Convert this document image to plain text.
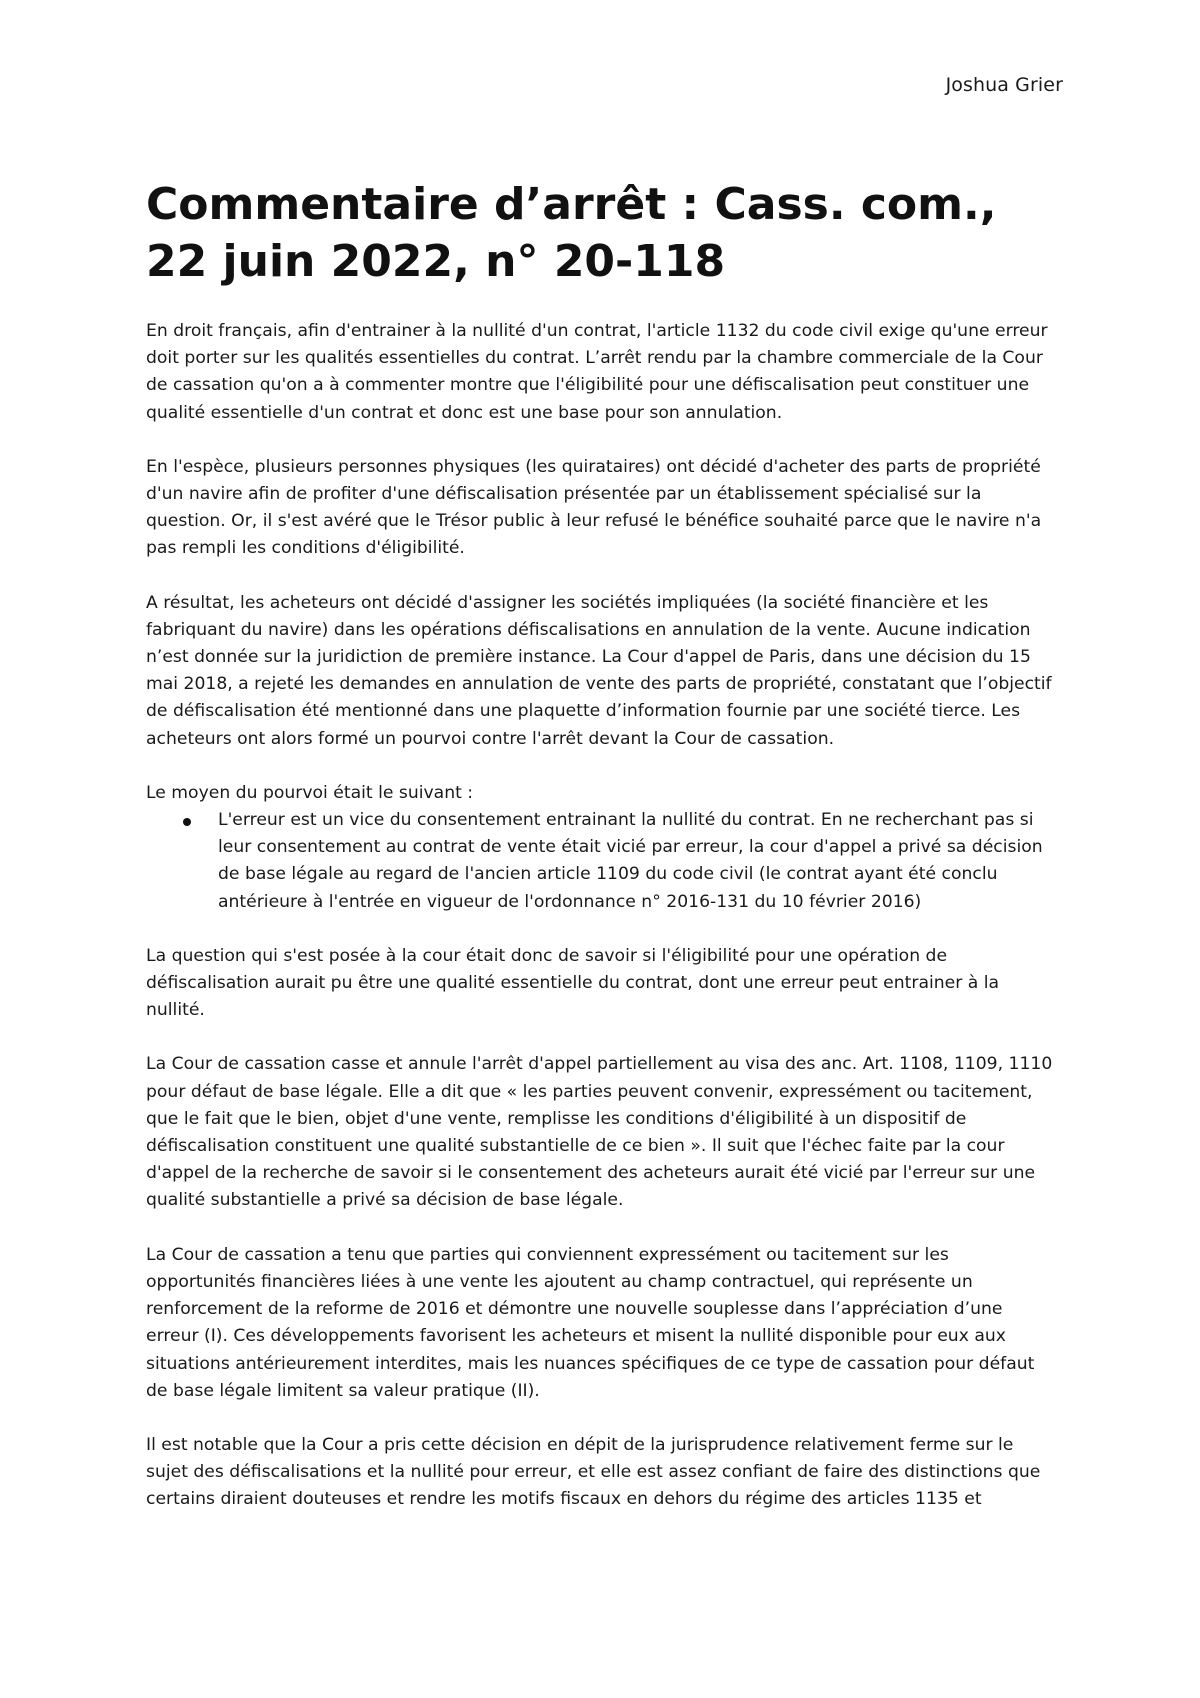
Joshua Grier
Commentaire d’arrêt : Cass. com., 22 juin 2022, n° 20-118

En droit français, afin d'entrainer à la nullité d'un contrat, l'article 1132 du code civil exige qu'une erreur doit porter sur les qualités essentielles du contrat. L’arrêt rendu par la chambre commerciale de la Cour de cassation qu'on a à commenter montre que l'éligibilité pour une défiscalisation peut constituer une qualité essentielle d'un contrat et donc est une base pour son annulation.

En l'espèce, plusieurs personnes physiques (les quirataires) ont décidé d'acheter des parts de propriété d'un navire afin de profiter d'une défiscalisation présentée par un établissement spécialisé sur la question. Or, il s'est avéré que le Trésor public à leur refusé le bénéfice souhaité parce que le navire n'a pas rempli les conditions d'éligibilité.

A résultat, les acheteurs ont décidé d'assigner les sociétés impliquées (la société financière et les fabriquant du navire) dans les opérations défiscalisations en annulation de la vente. Aucune indication n’est donnée sur la juridiction de première instance. La Cour d'appel de Paris, dans une décision du 15 mai 2018, a rejeté les demandes en annulation de vente des parts de propriété, constatant que l’objectif de défiscalisation été mentionné dans une plaquette d’information fournie par une société tierce. Les acheteurs ont alors formé un pourvoi contre l'arrêt devant la Cour de cassation.

Le moyen du pourvoi était le suivant :

L'erreur est un vice du consentement entrainant la nullité du contrat. En ne recherchant pas si leur consentement au contrat de vente était vicié par erreur, la cour d'appel a privé sa décision de base légale au regard de l'ancien article 1109 du code civil (le contrat ayant été conclu antérieure à l'entrée en vigueur de l'ordonnance n° 2016-131 du 10 février 2016)

La question qui s'est posée à la cour était donc de savoir si l'éligibilité pour une opération de défiscalisation aurait pu être une qualité essentielle du contrat, dont une erreur peut entrainer à la nullité.

La Cour de cassation casse et annule l'arrêt d'appel partiellement au visa des anc. Art. 1108, 1109, 1110 pour défaut de base légale. Elle a dit que « les parties peuvent convenir, expressément ou tacitement, que le fait que le bien, objet d'une vente, remplisse les conditions d'éligibilité à un dispositif de défiscalisation constituent une qualité substantielle de ce bien ». Il suit que l'échec faite par la cour d'appel de la recherche de savoir si le consentement des acheteurs aurait été vicié par l'erreur sur une qualité substantielle a privé sa décision de base légale.

La Cour de cassation a tenu que parties qui conviennent expressément ou tacitement sur les opportunités financières liées à une vente les ajoutent au champ contractuel, qui représente un renforcement de la reforme de 2016 et démontre une nouvelle souplesse dans l’appréciation d’une erreur (I). Ces développements favorisent les acheteurs et misent la nullité disponible pour eux aux situations antérieurement interdites, mais les nuances spécifiques de ce type de cassation pour défaut de base légale limitent sa valeur pratique (II).

Il est notable que la Cour a pris cette décision en dépit de la jurisprudence relativement ferme sur le sujet des défiscalisations et la nullité pour erreur, et elle est assez confiant de faire des distinctions que certains diraient douteuses et rendre les motifs fiscaux en dehors du régime des articles 1135 et
